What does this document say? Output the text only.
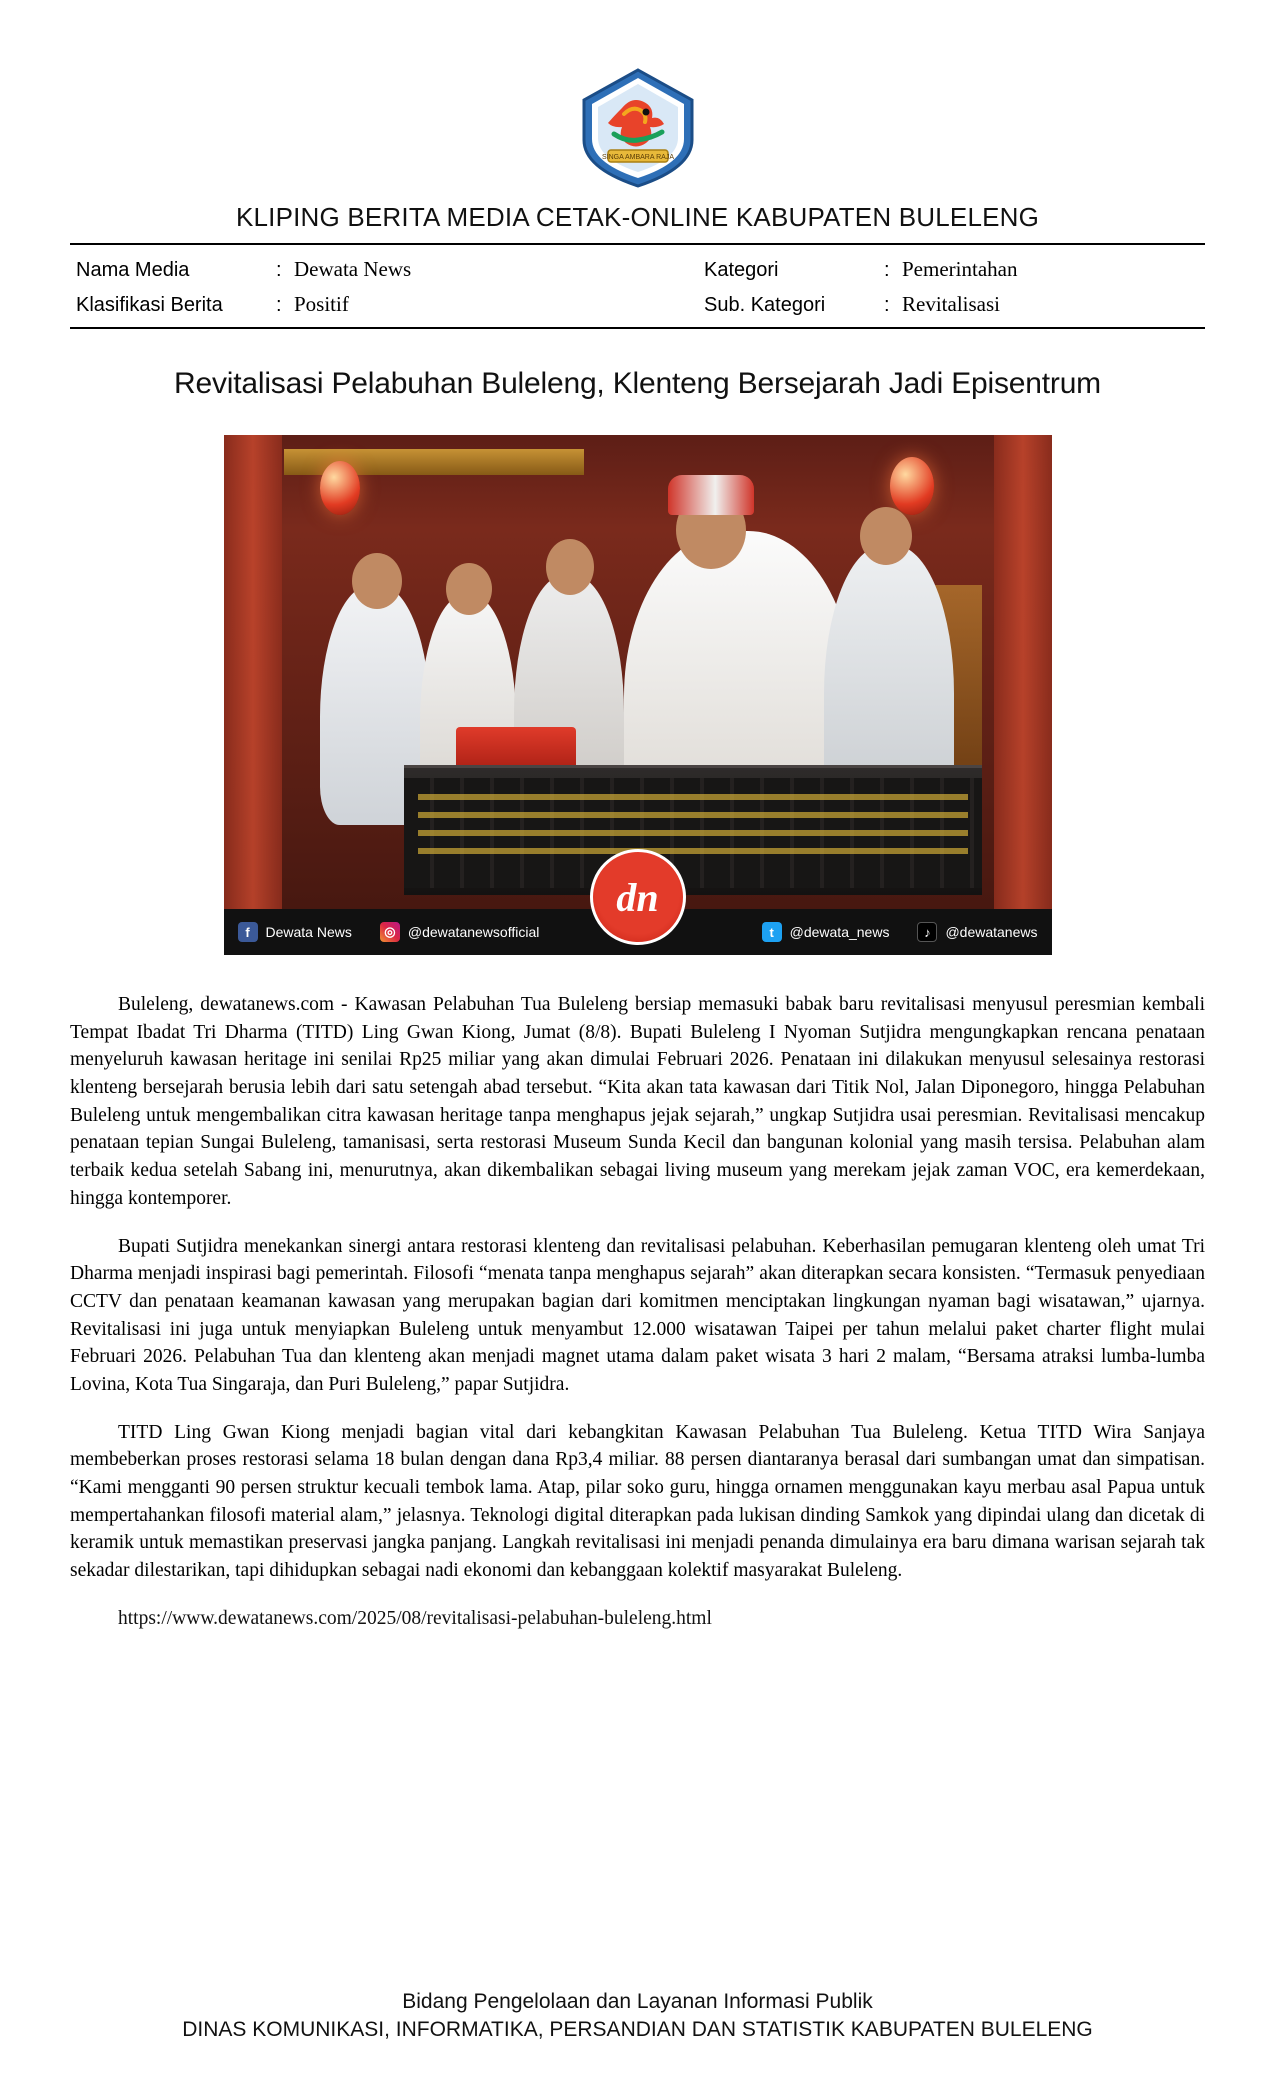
SINGA AMBARA RAJA
KLIPING BERITA MEDIA CETAK-ONLINE KABUPATEN BULELENG
Nama Media	: Dewata News	Kategori	: Pemerintahan
Klasifikasi Berita	: Positif	Sub. Kategori	: Revitalisasi
Revitalisasi Pelabuhan Buleleng, Klenteng Bersejarah Jadi Episentrum
dn
f	Dewata News	◎ @dewatanewsofficial	t	@dewata_news	♪	@dewatanews

Buleleng, dewatanews.com - Kawasan Pelabuhan Tua Buleleng bersiap memasuki babak baru revitalisasi menyusul peresmian kembali Tempat Ibadat Tri Dharma (TITD) Ling Gwan Kiong, Jumat (8/8). Bupati Buleleng I Nyoman Sutjidra mengungkapkan rencana penataan menyeluruh kawasan heritage ini senilai Rp25 miliar yang akan dimulai Februari 2026. Penataan ini dilakukan menyusul selesainya restorasi klenteng bersejarah berusia lebih dari satu setengah abad tersebut. “Kita akan tata kawasan dari Titik Nol, Jalan Diponegoro, hingga Pelabuhan Buleleng untuk mengembalikan citra kawasan heritage tanpa menghapus jejak sejarah,” ungkap Sutjidra usai peresmian. Revitalisasi mencakup penataan tepian Sungai Buleleng, tamanisasi, serta restorasi Museum Sunda Kecil dan bangunan kolonial yang masih tersisa. Pelabuhan alam terbaik kedua setelah Sabang ini, menurutnya, akan dikembalikan sebagai living museum yang merekam jejak zaman VOC, era kemerdekaan, hingga kontemporer.

Bupati Sutjidra menekankan sinergi antara restorasi klenteng dan revitalisasi pelabuhan. Keberhasilan pemugaran klenteng oleh umat Tri Dharma menjadi inspirasi bagi pemerintah. Filosofi “menata tanpa menghapus sejarah” akan diterapkan secara konsisten. “Termasuk penyediaan CCTV dan penataan keamanan kawasan yang merupakan bagian dari komitmen menciptakan lingkungan nyaman bagi wisatawan,” ujarnya. Revitalisasi ini juga untuk menyiapkan Buleleng untuk menyambut 12.000 wisatawan Taipei per tahun melalui paket charter flight mulai Februari 2026. Pelabuhan Tua dan klenteng akan menjadi magnet utama dalam paket wisata 3 hari 2 malam, “Bersama atraksi lumba-lumba Lovina, Kota Tua Singaraja, dan Puri Buleleng,” papar Sutjidra.

TITD Ling Gwan Kiong menjadi bagian vital dari kebangkitan Kawasan Pelabuhan Tua Buleleng. Ketua TITD Wira Sanjaya membeberkan proses restorasi selama 18 bulan dengan dana Rp3,4 miliar. 88 persen diantaranya berasal dari sumbangan umat dan simpatisan. “Kami mengganti 90 persen struktur kecuali tembok lama. Atap, pilar soko guru, hingga ornamen menggunakan kayu merbau asal Papua untuk mempertahankan filosofi material alam,” jelasnya. Teknologi digital diterapkan pada lukisan dinding Samkok yang dipindai ulang dan dicetak di keramik untuk memastikan preservasi jangka panjang. Langkah revitalisasi ini menjadi penanda dimulainya era baru dimana warisan sejarah tak sekadar dilestarikan, tapi dihidupkan sebagai nadi ekonomi dan kebanggaan kolektif masyarakat Buleleng.

https://www.dewatanews.com/2025/08/revitalisasi-pelabuhan-buleleng.html

Bidang Pengelolaan dan Layanan Informasi Publik
DINAS KOMUNIKASI, INFORMATIKA, PERSANDIAN DAN STATISTIK KABUPATEN BULELENG
